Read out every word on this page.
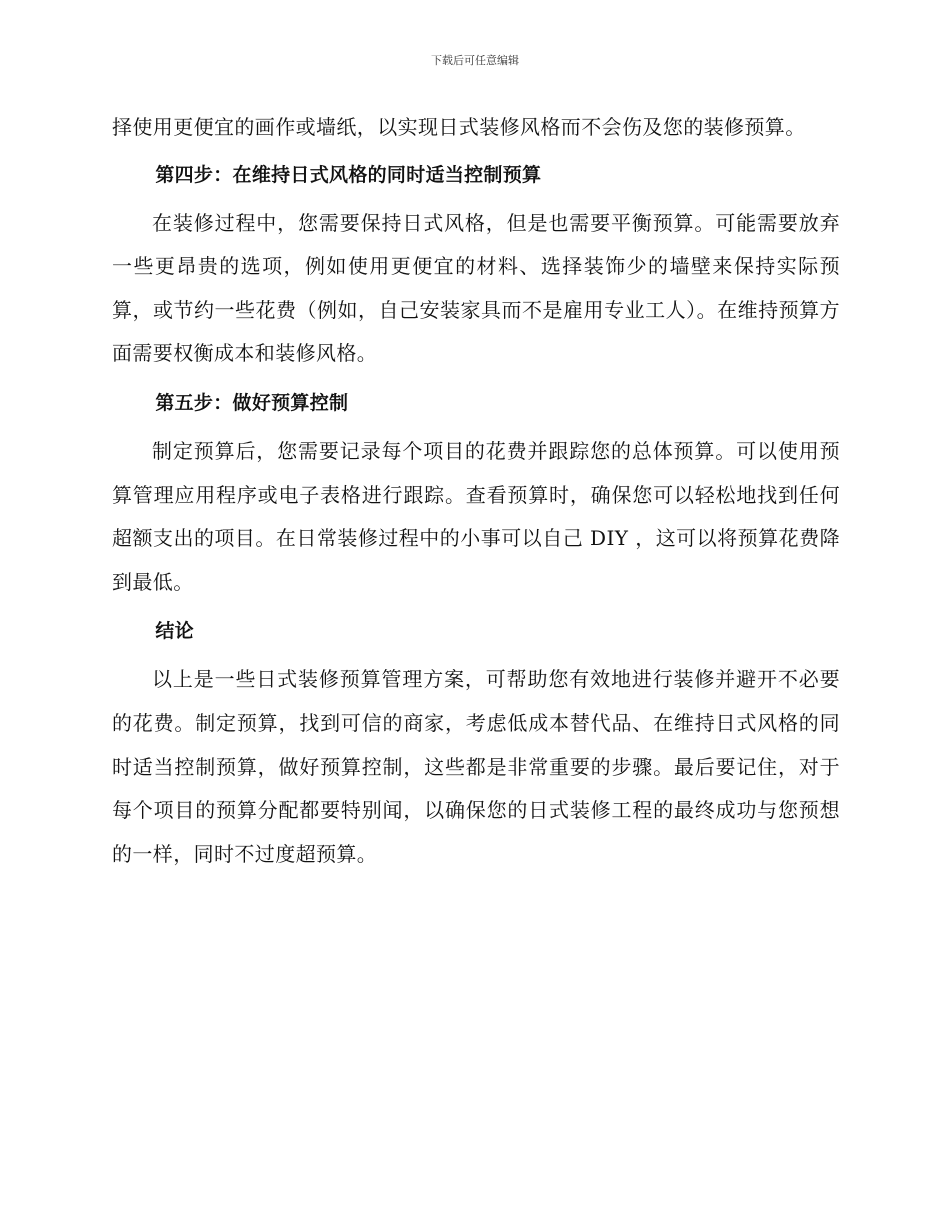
下载后可任意编辑

择使用更便宜的画作或墙纸，以实现日式装修风格而不会伤及您的装修预算。

第四步：在维持日式风格的同时适当控制预算

在装修过程中，您需要保持日式风格，但是也需要平衡预算。可能需要放弃一些更昂贵的选项，例如使用更便宜的材料、选择装饰少的墙壁来保持实际预算，或节约一些花费（例如，自己安装家具而不是雇用专业工人）。在维持预算方面需要权衡成本和装修风格。

第五步：做好预算控制

制定预算后，您需要记录每个项目的花费并跟踪您的总体预算。可以使用预算管理应用程序或电子表格进行跟踪。查看预算时，确保您可以轻松地找到任何超额支出的项目。在日常装修过程中的小事可以自己 DIY ，这可以将预算花费降到最低。

结论

以上是一些日式装修预算管理方案，可帮助您有效地进行装修并避开不必要的花费。制定预算，找到可信的商家，考虑低成本替代品、在维持日式风格的同时适当控制预算，做好预算控制，这些都是非常重要的步骤。最后要记住，对于每个项目的预算分配都要特别闻，以确保您的日式装修工程的最终成功与您预想的一样，同时不过度超预算。
